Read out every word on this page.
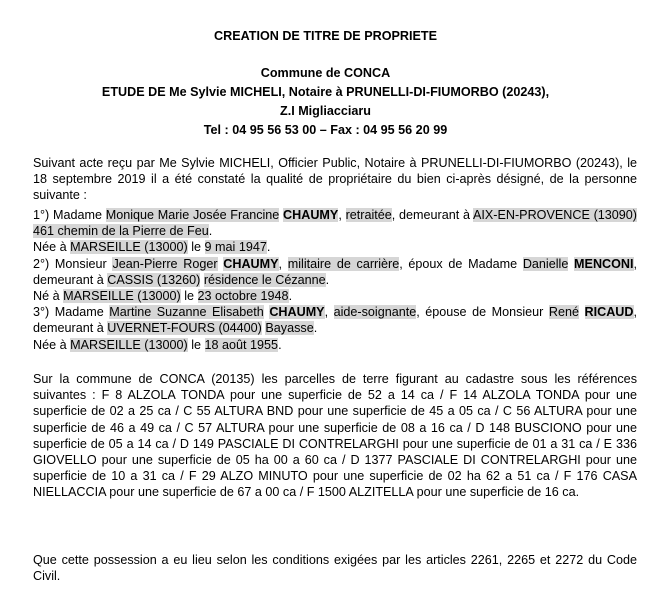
CREATION DE TITRE DE PROPRIETE
Commune de CONCA
ETUDE DE Me Sylvie MICHELI, Notaire à PRUNELLI-DI-FIUMORBO (20243),
Z.I Migliacciaru
Tel : 04 95 56 53 00 – Fax : 04 95 56 20 99

Suivant acte reçu par Me Sylvie MICHELI, Officier Public, Notaire à PRUNELLI-DI-FIUMORBO (20243), le 18 septembre 2019 il a été constaté la qualité de propriétaire du bien ci-après désigné, de la personne suivante :

1°) Madame Monique Marie Josée Francine CHAUMY, retraitée, demeurant à AIX-EN-PROVENCE (13090) 461 chemin de la Pierre de Feu.

Née à MARSEILLE (13000) le 9 mai 1947.

2°) Monsieur Jean-Pierre Roger CHAUMY, militaire de carrière, époux de Madame Danielle MENCONI, demeurant à CASSIS (13260) résidence le Cézanne.

Né à MARSEILLE (13000) le 23 octobre 1948.

3°) Madame Martine Suzanne Elisabeth CHAUMY, aide-soignante, épouse de Monsieur René RICAUD, demeurant à UVERNET-FOURS (04400) Bayasse.

Née à MARSEILLE (13000) le 18 août 1955.

Sur la commune de CONCA (20135) les parcelles de terre figurant au cadastre sous les références suivantes : F 8 ALZOLA TONDA pour une superficie de 52 a 14 ca / F 14 ALZOLA TONDA pour une superficie de 02 a 25 ca / C 55 ALTURA BND pour une superficie de 45 a 05 ca / C 56 ALTURA pour une superficie de 46 a 49 ca / C 57 ALTURA pour une superficie de 08 a 16 ca / D 148 BUSCIONO pour une superficie de 05 a 14 ca / D 149 PASCIALE DI CONTRELARGHI pour une superficie de 01 a 31 ca / E 336 GIOVELLO pour une superficie de 05 ha 00 a 60 ca / D 1377 PASCIALE DI CONTRELARGHI pour une superficie de 10 a 31 ca / F 29 ALZO MINUTO pour une superficie de 02 ha 62 a 51 ca / F 176 CASA NIELLACCIA pour une superficie de 67 a 00 ca / F 1500 ALZITELLA pour une superficie de 16 ca.

Que cette possession a eu lieu selon les conditions exigées par les articles 2261, 2265 et 2272 du Code Civil.
